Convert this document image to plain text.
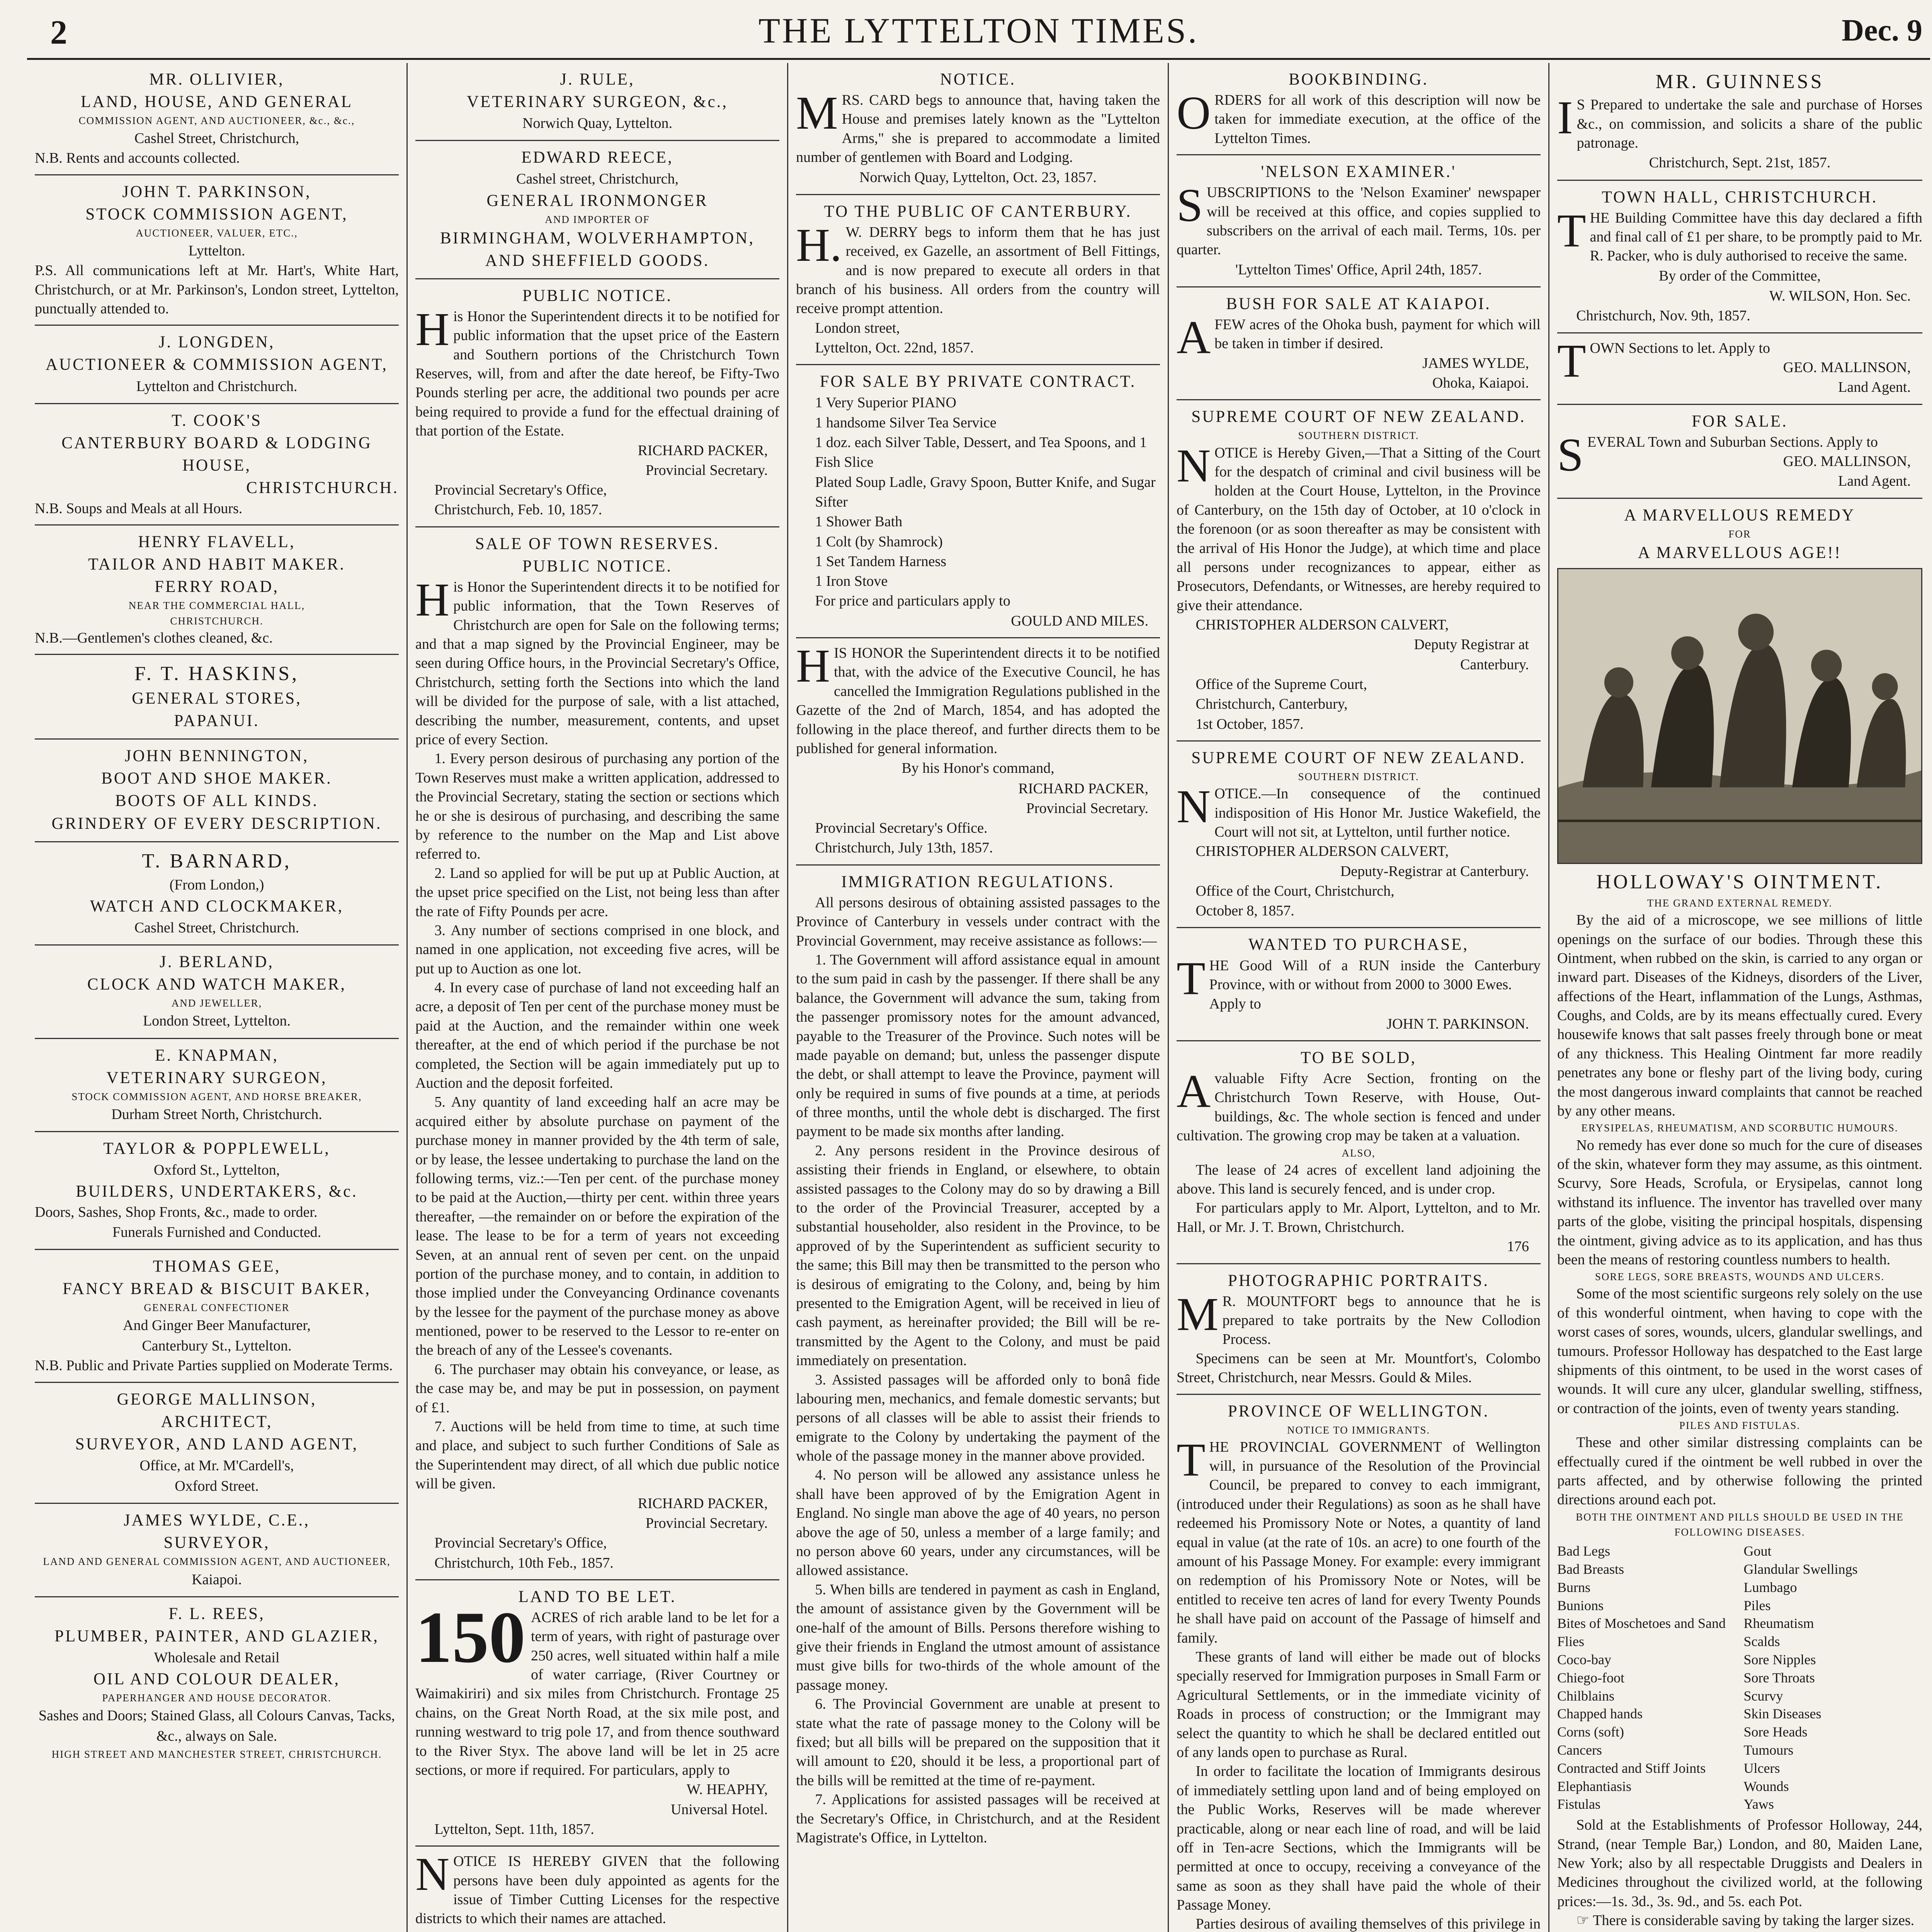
2	THE LYTTELTON TIMES.	Dec. 9
MR. OLLIVIER,
LAND, HOUSE, AND GENERAL
COMMISSION AGENT, AND AUCTIONEER, &c., &c.,
Cashel Street, Christchurch,
N.B. Rents and accounts collected.
JOHN T. PARKINSON,
STOCK COMMISSION AGENT,
AUCTIONEER, VALUER, ETC.,
Lyttelton.
P.S. All communications left at Mr. Hart's, White Hart, Christchurch, or at Mr. Parkinson's, London street, Lyttelton, punctually attended to.
J. LONGDEN,
AUCTIONEER & COMMISSION AGENT,
Lyttelton and Christchurch.
T. COOK'S
CANTERBURY BOARD & LODGING
HOUSE,
CHRISTCHURCH.
N.B. Soups and Meals at all Hours.
HENRY FLAVELL,
TAILOR AND HABIT MAKER.
FERRY ROAD,
NEAR THE COMMERCIAL HALL,
CHRISTCHURCH.
N.B.—Gentlemen's clothes cleaned, &c.
F. T. HASKINS,
GENERAL STORES,
PAPANUI.
JOHN BENNINGTON,
BOOT AND SHOE MAKER.
BOOTS OF ALL KINDS.
GRINDERY OF EVERY DESCRIPTION.
T. BARNARD,
(From London,)
WATCH AND CLOCKMAKER,
Cashel Street, Christchurch.
J. BERLAND,
CLOCK AND WATCH MAKER,
AND JEWELLER,
London Street, Lyttelton.
E. KNAPMAN,
VETERINARY SURGEON,
STOCK COMMISSION AGENT, AND HORSE BREAKER,
Durham Street North, Christchurch.
TAYLOR & POPPLEWELL,
Oxford St., Lyttelton,
BUILDERS, UNDERTAKERS, &c.
Doors, Sashes, Shop Fronts, &c., made to order.
Funerals Furnished and Conducted.
THOMAS GEE,
FANCY BREAD & BISCUIT BAKER,
GENERAL CONFECTIONER
And Ginger Beer Manufacturer,
Canterbury St., Lyttelton.
N.B. Public and Private Parties supplied on Moderate Terms.
GEORGE MALLINSON,
ARCHITECT,
SURVEYOR, AND LAND AGENT,
Office, at Mr. M'Cardell's,
Oxford Street.
JAMES WYLDE, C.E.,
SURVEYOR,
LAND AND GENERAL COMMISSION AGENT, AND AUCTIONEER,
Kaiapoi.
F. L. REES,
PLUMBER, PAINTER, AND GLAZIER,
Wholesale and Retail
OIL AND COLOUR DEALER,
PAPERHANGER AND HOUSE DECORATOR.
Sashes and Doors; Stained Glass, all Colours Canvas, Tacks, &c., always on Sale.
HIGH STREET AND MANCHESTER STREET, CHRISTCHURCH.
J. RULE,
VETERINARY SURGEON, &c.,
Norwich Quay, Lyttelton.
EDWARD REECE,
Cashel street, Christchurch,
GENERAL IRONMONGER
AND IMPORTER OF
BIRMINGHAM, WOLVERHAMPTON,
AND SHEFFIELD GOODS.
PUBLIC NOTICE.
His Honor the Superintendent directs it to be notified for public information that the upset price of the Eastern and Southern portions of the Christchurch Town Reserves, will, from and after the date hereof, be Fifty-Two Pounds sterling per acre, the additional two pounds per acre being required to provide a fund for the effectual draining of that portion of the Estate.
RICHARD PACKER,
Provincial Secretary.
Provincial Secretary's Office,
Christchurch, Feb. 10, 1857.
SALE OF TOWN RESERVES.
PUBLIC NOTICE.
His Honor the Superintendent directs it to be notified for public information, that the Town Reserves of Christchurch are open for Sale on the following terms; and that a map signed by the Provincial Engineer, may be seen during Office hours, in the Provincial Secretary's Office, Christchurch, setting forth the Sections into which the land will be divided for the purpose of sale, with a list attached, describing the number, measurement, contents, and upset price of every Section.
1. Every person desirous of purchasing any portion of the Town Reserves must make a written application, addressed to the Provincial Secretary, stating the section or sections which he or she is desirous of purchasing, and describing the same by reference to the number on the Map and List above referred to.
2. Land so applied for will be put up at Public Auction, at the upset price specified on the List, not being less than after the rate of Fifty Pounds per acre.
3. Any number of sections comprised in one block, and named in one application, not exceeding five acres, will be put up to Auction as one lot.
4. In every case of purchase of land not exceeding half an acre, a deposit of Ten per cent of the purchase money must be paid at the Auction, and the remainder within one week thereafter, at the end of which period if the purchase be not completed, the Section will be again immediately put up to Auction and the deposit forfeited.
5. Any quantity of land exceeding half an acre may be acquired either by absolute purchase on payment of the purchase money in manner provided by the 4th term of sale, or by lease, the lessee undertaking to purchase the land on the following terms, viz.:—Ten per cent. of the purchase money to be paid at the Auction,—thirty per cent. within three years thereafter, —the remainder on or before the expiration of the lease. The lease to be for a term of years not exceeding Seven, at an annual rent of seven per cent. on the unpaid portion of the purchase money, and to contain, in addition to those implied under the Conveyancing Ordinance covenants by the lessee for the payment of the purchase money as above mentioned, power to be reserved to the Lessor to re-enter on the breach of any of the Lessee's covenants.
6. The purchaser may obtain his conveyance, or lease, as the case may be, and may be put in possession, on payment of £1.
7. Auctions will be held from time to time, at such time and place, and subject to such further Conditions of Sale as the Superintendent may direct, of all which due public notice will be given.
RICHARD PACKER,
Provincial Secretary.
Provincial Secretary's Office,
Christchurch, 10th Feb., 1857.
LAND TO BE LET.
150 ACRES of rich arable land to be let for a term of years, with right of pasturage over 250 acres, well situated within half a mile of water carriage, (River Courtney or Waimakiriri) and six miles from Christchurch. Frontage 25 chains, on the Great North Road, at the six mile post, and running westward to trig pole 17, and from thence southward to the River Styx. The above land will be let in 25 acre sections, or more if required. For particulars, apply to
W. HEAPHY,
Universal Hotel.
Lyttelton, Sept. 11th, 1857.
NOTICE IS HEREBY GIVEN that the following persons have been duly appointed as agents for the issue of Timber Cutting Licenses for the respective districts to which their names are attached.
NOTICE.
MRS. CARD begs to announce that, having taken the House and premises lately known as the "Lyttelton Arms," she is prepared to accommodate a limited number of gentlemen with Board and Lodging.
Norwich Quay, Lyttelton, Oct. 23, 1857.
TO THE PUBLIC OF CANTERBURY.
H.W. DERRY begs to inform them that he has just received, ex Gazelle, an assortment of Bell Fittings, and is now prepared to execute all orders in that branch of his business. All orders from the country will receive prompt attention.
London street,
Lyttelton, Oct. 22nd, 1857.
FOR SALE BY PRIVATE CONTRACT.
1 Very Superior PIANO
1 handsome Silver Tea Service
1 doz. each Silver Table, Dessert, and Tea Spoons, and 1 Fish Slice
Plated Soup Ladle, Gravy Spoon, Butter Knife, and Sugar Sifter
1 Shower Bath
1 Colt (by Shamrock)
1 Set Tandem Harness
1 Iron Stove
For price and particulars apply to
GOULD AND MILES.
HIS HONOR the Superintendent directs it to be notified that, with the advice of the Executive Council, he has cancelled the Immigration Regulations published in the Gazette of the 2nd of March, 1854, and has adopted the following in the place thereof, and further directs them to be published for general information.
By his Honor's command,
RICHARD PACKER,
Provincial Secretary.
Provincial Secretary's Office.
Christchurch, July 13th, 1857.
IMMIGRATION REGULATIONS.
All persons desirous of obtaining assisted passages to the Province of Canterbury in vessels under contract with the Provincial Government, may receive assistance as follows:—
1. The Government will afford assistance equal in amount to the sum paid in cash by the passenger. If there shall be any balance, the Government will advance the sum, taking from the passenger promissory notes for the amount advanced, payable to the Treasurer of the Province. Such notes will be made payable on demand; but, unless the passenger dispute the debt, or shall attempt to leave the Province, payment will only be required in sums of five pounds at a time, at periods of three months, until the whole debt is discharged. The first payment to be made six months after landing.
2. Any persons resident in the Province desirous of assisting their friends in England, or elsewhere, to obtain assisted passages to the Colony may do so by drawing a Bill to the order of the Provincial Treasurer, accepted by a substantial householder, also resident in the Province, to be approved of by the Superintendent as sufficient security to the same; this Bill may then be transmitted to the person who is desirous of emigrating to the Colony, and, being by him presented to the Emigration Agent, will be received in lieu of cash payment, as hereinafter provided; the Bill will be re-transmitted by the Agent to the Colony, and must be paid immediately on presentation.
3. Assisted passages will be afforded only to bonâ fide labouring men, mechanics, and female domestic servants; but persons of all classes will be able to assist their friends to emigrate to the Colony by undertaking the payment of the whole of the passage money in the manner above provided.
4. No person will be allowed any assistance unless he shall have been approved of by the Emigration Agent in England. No single man above the age of 40 years, no person above the age of 50, unless a member of a large family; and no person above 60 years, under any circumstances, will be allowed assistance.
5. When bills are tendered in payment as cash in England, the amount of assistance given by the Government will be one-half of the amount of Bills. Persons therefore wishing to give their friends in England the utmost amount of assistance must give bills for two-thirds of the whole amount of the passage money.
6. The Provincial Government are unable at present to state what the rate of passage money to the Colony will be fixed; but all bills will be prepared on the supposition that it will amount to £20, should it be less, a proportional part of the bills will be remitted at the time of re-payment.
7. Applications for assisted passages will be received at the Secretary's Office, in Christchurch, and at the Resident Magistrate's Office, in Lyttelton.
BOOKBINDING.
ORDERS for all work of this description will now be taken for immediate execution, at the office of the Lyttelton Times.
'NELSON EXAMINER.'
SUBSCRIPTIONS to the 'Nelson Examiner' newspaper will be received at this office, and copies supplied to subscribers on the arrival of each mail. Terms, 10s. per quarter.
'Lyttelton Times' Office, April 24th, 1857.
BUSH FOR SALE AT KAIAPOI.
AFEW acres of the Ohoka bush, payment for which will be taken in timber if desired.
JAMES WYLDE,
Ohoka, Kaiapoi.
SUPREME COURT OF NEW ZEALAND.
SOUTHERN DISTRICT.
NOTICE is Hereby Given,—That a Sitting of the Court for the despatch of criminal and civil business will be holden at the Court House, Lyttelton, in the Province of Canterbury, on the 15th day of October, at 10 o'clock in the forenoon (or as soon thereafter as may be consistent with the arrival of His Honor the Judge), at which time and place all persons under recognizances to appear, either as Prosecutors, Defendants, or Witnesses, are hereby required to give their attendance.
CHRISTOPHER ALDERSON CALVERT,
Deputy Registrar at
Canterbury.
Office of the Supreme Court,
Christchurch, Canterbury,
1st October, 1857.
SUPREME COURT OF NEW ZEALAND.
SOUTHERN DISTRICT.
NOTICE.—In consequence of the continued indisposition of His Honor Mr. Justice Wakefield, the Court will not sit, at Lyttelton, until further notice.
CHRISTOPHER ALDERSON CALVERT,
Deputy-Registrar at Canterbury.
Office of the Court, Christchurch,
October 8, 1857.
WANTED TO PURCHASE,
THE Good Will of a RUN inside the Canterbury Province, with or without from 2000 to 3000 Ewes.
Apply to
JOHN T. PARKINSON.
TO BE SOLD,
Avaluable Fifty Acre Section, fronting on the Christchurch Town Reserve, with House, Out-buildings, &c. The whole section is fenced and under cultivation. The growing crop may be taken at a valuation.
ALSO,
The lease of 24 acres of excellent land adjoining the above. This land is securely fenced, and is under crop.
For particulars apply to Mr. Alport, Lyttelton, and to Mr. Hall, or Mr. J. T. Brown, Christchurch.
176
PHOTOGRAPHIC PORTRAITS.
MR. MOUNTFORT begs to announce that he is prepared to take portraits by the New Collodion Process.
Specimens can be seen at Mr. Mountfort's, Colombo Street, Christchurch, near Messrs. Gould & Miles.
PROVINCE OF WELLINGTON.
NOTICE TO IMMIGRANTS.
THE PROVINCIAL GOVERNMENT of Wellington will, in pursuance of the Resolution of the Provincial Council, be prepared to convey to each immigrant, (introduced under their Regulations) as soon as he shall have redeemed his Promissory Note or Notes, a quantity of land equal in value (at the rate of 10s. an acre) to one fourth of the amount of his Passage Money. For example: every immigrant on redemption of his Promissory Note or Notes, will be entitled to receive ten acres of land for every Twenty Pounds he shall have paid on account of the Passage of himself and family.
These grants of land will either be made out of blocks specially reserved for Immigration purposes in Small Farm or Agricultural Settlements, or in the immediate vicinity of Roads in process of construction; or the Immigrant may select the quantity to which he shall be declared entitled out of any lands open to purchase as Rural.
In order to facilitate the location of Immigrants desirous of immediately settling upon land and of being employed on the Public Works, Reserves will be made wherever practicable, along or near each line of road, and will be laid off in Ten-acre Sections, which the Immigrants will be permitted at once to occupy, receiving a conveyance of the same as soon as they shall have paid the whole of their Passage Money.
Parties desirous of availing themselves of this privilege in
MR. GUINNESS
IS Prepared to undertake the sale and purchase of Horses &c., on commission, and solicits a share of the public patronage.
Christchurch, Sept. 21st, 1857.
TOWN HALL, CHRISTCHURCH.
THE Building Committee have this day declared a fifth and final call of £1 per share, to be promptly paid to Mr. R. Packer, who is duly authorised to receive the same.
By order of the Committee,
W. WILSON, Hon. Sec.
Christchurch, Nov. 9th, 1857.
TOWN Sections to let. Apply to
GEO. MALLINSON,
Land Agent.
FOR SALE.
SEVERAL Town and Suburban Sections. Apply to
GEO. MALLINSON,
Land Agent.
A MARVELLOUS REMEDY
FOR
A MARVELLOUS AGE!!
HOLLOWAY'S OINTMENT.
THE GRAND EXTERNAL REMEDY.
By the aid of a microscope, we see millions of little openings on the surface of our bodies. Through these this Ointment, when rubbed on the skin, is carried to any organ or inward part. Diseases of the Kidneys, disorders of the Liver, affections of the Heart, inflammation of the Lungs, Asthmas, Coughs, and Colds, are by its means effectually cured. Every housewife knows that salt passes freely through bone or meat of any thickness. This Healing Ointment far more readily penetrates any bone or fleshy part of the living body, curing the most dangerous inward complaints that cannot be reached by any other means.
ERYSIPELAS, RHEUMATISM, AND SCORBUTIC HUMOURS.
No remedy has ever done so much for the cure of diseases of the skin, whatever form they may assume, as this ointment. Scurvy, Sore Heads, Scrofula, or Erysipelas, cannot long withstand its influence. The inventor has travelled over many parts of the globe, visiting the principal hospitals, dispensing the ointment, giving advice as to its application, and has thus been the means of restoring countless numbers to health.
SORE LEGS, SORE BREASTS, WOUNDS AND ULCERS.
Some of the most scientific surgeons rely solely on the use of this wonderful ointment, when having to cope with the worst cases of sores, wounds, ulcers, glandular swellings, and tumours. Professor Holloway has despatched to the East large shipments of this ointment, to be used in the worst cases of wounds. It will cure any ulcer, glandular swelling, stiffness, or contraction of the joints, even of twenty years standing.
PILES AND FISTULAS.
These and other similar distressing complaints can be effectually cured if the ointment be well rubbed in over the parts affected, and by otherwise following the printed directions around each pot.
BOTH THE OINTMENT AND PILLS SHOULD BE USED IN THE FOLLOWING DISEASES.
Bad Legs
Bad Breasts
Burns
Bunions
Bites of Moschetoes and Sand Flies
Coco-bay
Chiego-foot
Chilblains
Chapped hands
Corns (soft)
Cancers
Contracted and Stiff Joints
Elephantiasis
Fistulas
Gout
Glandular Swellings
Lumbago
Piles
Rheumatism
Scalds
Sore Nipples
Sore Throats
Scurvy
Skin Diseases
Sore Heads
Tumours
Ulcers
Wounds
Yaws
Sold at the Establishments of Professor Holloway, 244, Strand, (near Temple Bar,) London, and 80, Maiden Lane, New York; also by all respectable Druggists and Dealers in Medicines throughout the civilized world, at the following prices:—1s. 3d., 3s. 9d., and 5s. each Pot.
☞ There is considerable saving by taking the larger sizes.
